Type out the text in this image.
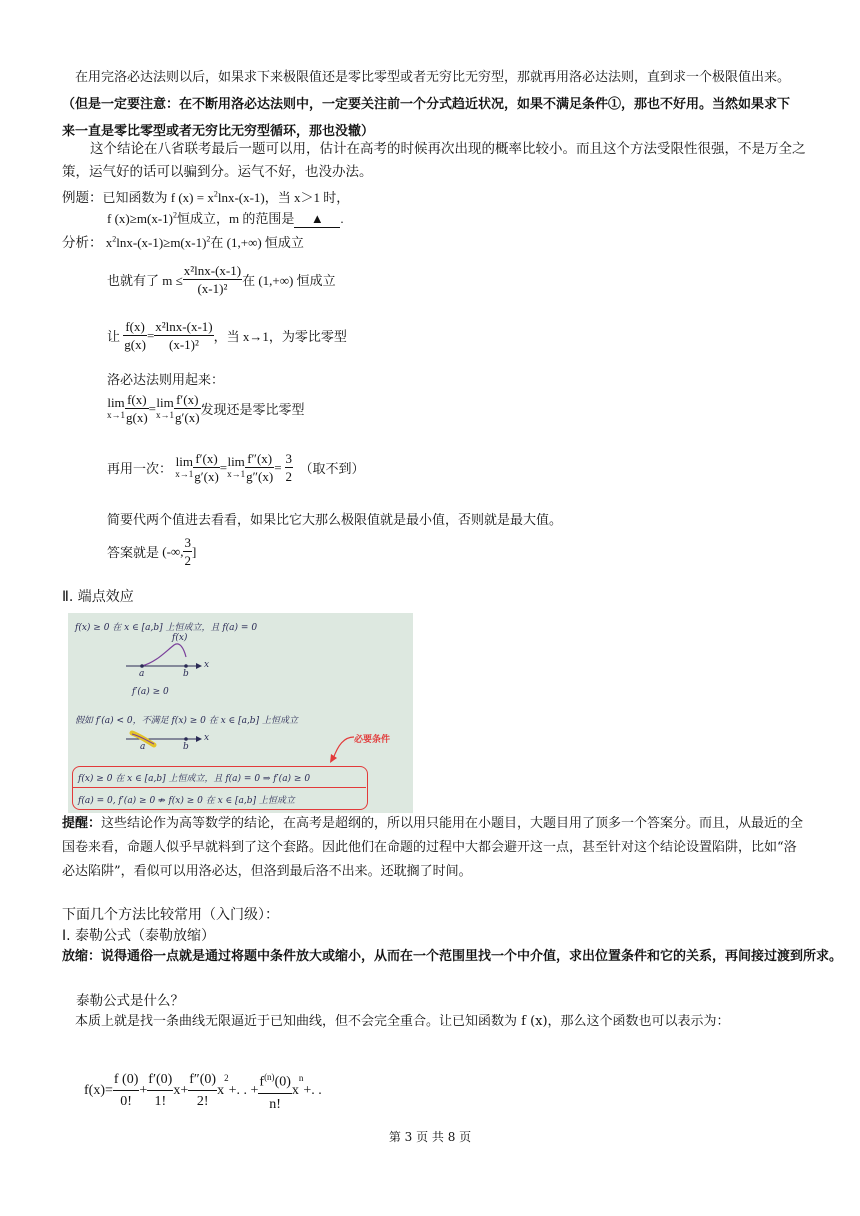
在用完洛必达法则以后，如果求下来极限值还是零比零型或者无穷比无穷型，那就再用洛必达法则，直到求一个极限值出来。（但是一定要注意：在不断用洛必达法则中，一定要关注前一个分式趋近状况，如果不满足条件①，那也不好用。当然如果求下来一直是零比零型或者无穷比无穷型循环，那也没辙）
这个结论在八省联考最后一题可以用，估计在高考的时候再次出现的概率比较小。而且这个方法受限性很强，不是万全之策，运气好的话可以骗到分。运气不好，也没办法。
例题：已知函数为 f $(x) = x^2\ln x-(x-1)$，当 x＞1 时，
f $(x)\ge m(x-1)^2$恒成立，m 的范围是 ▲ .
分析： $x^2\ln x-(x-1)\ge m(x-1)^2$在 (1,+∞) 恒成立
也就有了 $m \le \frac{\text{x²lnx-(x-1)}}{\text{(x-1)²}}$ 在 (1,+∞) 恒成立
让
$\frac{f(x)}{g(x)} = \frac{\text{x²lnx-(x-1)}}{\text{(x-1)²}}$ ，当 x→1，为零比零型
洛必达法则用起来：
lim
$x\to 1 \frac{f(x)}{g(x)} = \lim$
$x\to 1 \frac{f'(x)}{g'(x)}$ 发现还是零比零型
再用一次：
lim
$x\to 1 \frac{f'(x)}{g'(x)} = \lim$
$x\to 1 \frac{f''(x)}{g''(x)} = \frac{3}{2}$
（取不到）
简要代两个值进去看看，如果比它大那么极限值就是最小值，否则就是最大值。
答案就是
(-∞, $\frac{3}{2}$ ]
Ⅱ. 端点效应
f(x) ≥ 0 在 x ∈ [a,b] 上恒成立，且 f(a) = 0
f(x)
a	b
x
f′(a) ≥ 0
假如 f′(a) < 0，不满足 f(x) ≥ 0 在 x ∈ [a,b] 上恒成立
a	b
x	必要条件
f(x) ≥ 0 在 x ∈ [a,b] 上恒成立，且 f(a) = 0 ⇒ f′(a) ≥ 0
f(a) = 0, f′(a) ≥ 0 ⇏ f(x) ≥ 0 在 x ∈ [a,b] 上恒成立
提醒：这些结论作为高等数学的结论，在高考是超纲的，所以用只能用在小题目，大题目用了顶多一个答案分。而且，从最近的全国卷来看，命题人似乎早就料到了这个套路。因此他们在命题的过程中大都会避开这一点，甚至针对这个结论设置陷阱，比如“洛必达陷阱”，看似可以用洛必达，但洛到最后洛不出来。还耽搁了时间。
下面几个方法比较常用（入门级）：
Ⅰ. 泰勒公式（泰勒放缩）
放缩：说得通俗一点就是通过将题中条件放大或缩小，从而在一个范围里找一个中介值，求出位置条件和它的关系，再间接过渡到所求。
泰勒公式是什么？
本质上就是找一条曲线无限逼近于已知曲线，但不会完全重合。让已知函数为 f (x)，那么这个函数也可以表示为：
$f(x)= \frac{f (0)}{0!} + \frac{f'(0)}{1!} x+ \frac{f''(0)}{2!}$ x
$^2$
+. . + $\frac{f^{(n)}(0)}{n!}$ x
$^n$
+. .
第 3 页 共 8 页
